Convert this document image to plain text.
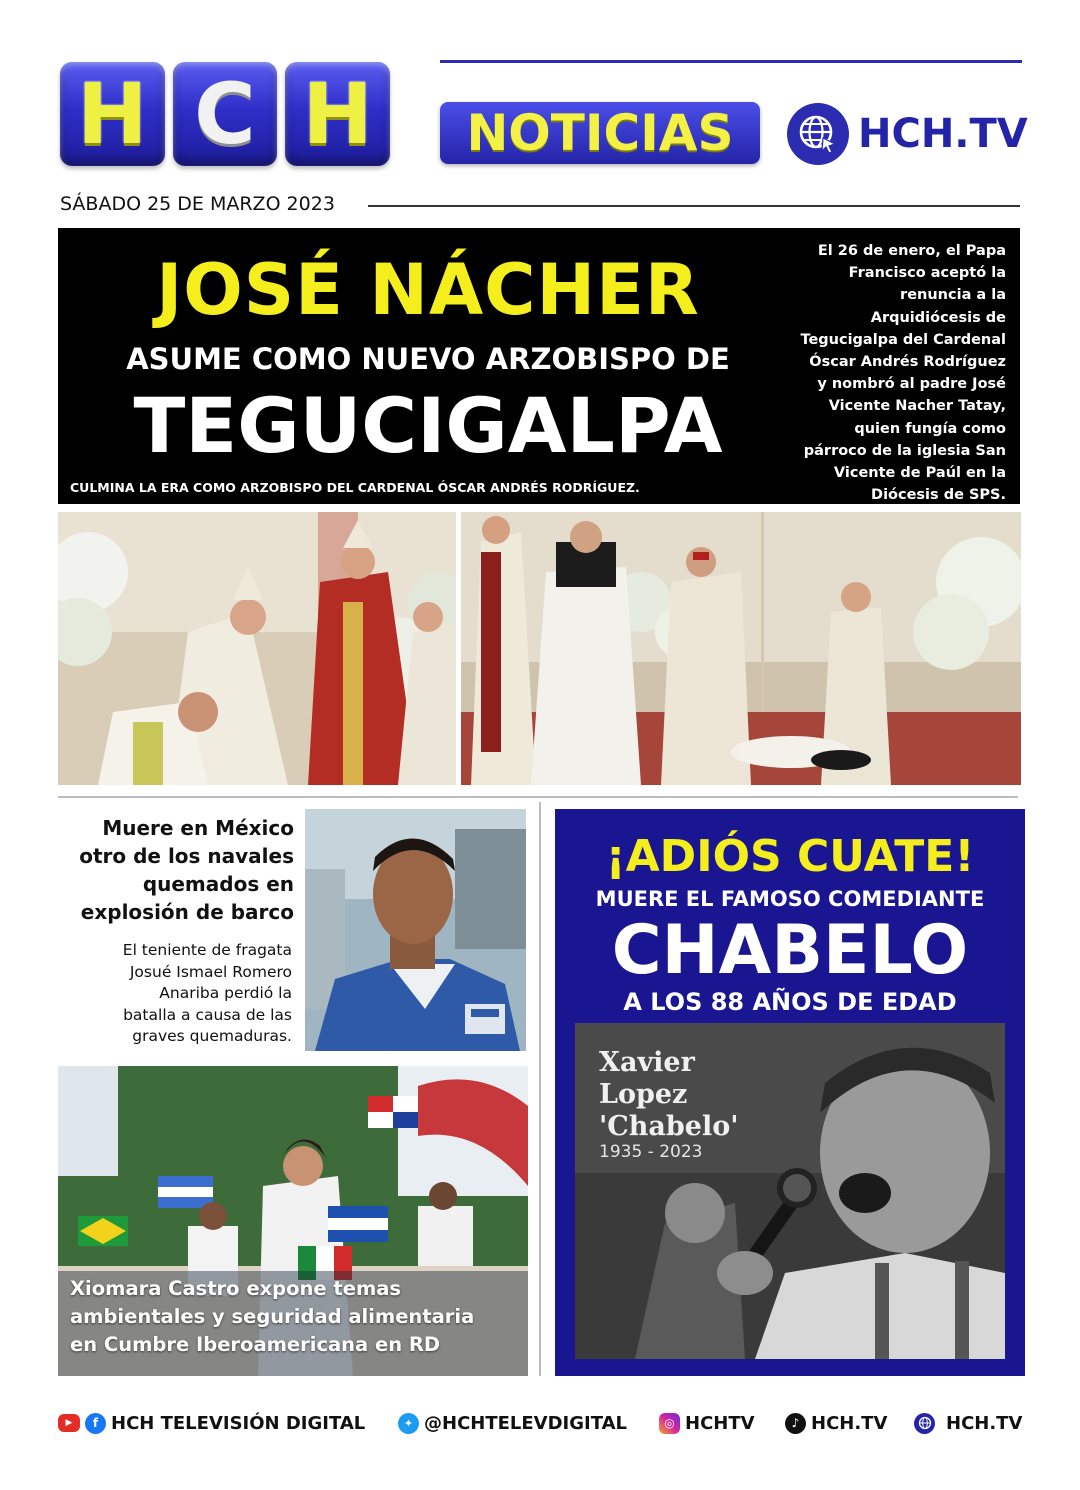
H C H	NOTICIAS	HCH.TV
SÁBADO 25 DE MARZO 2023
JOSÉ NÁCHER
ASUME COMO NUEVO ARZOBISPO DE
TEGUCIGALPA
CULMINA LA ERA COMO ARZOBISPO DEL CARDENAL ÓSCAR ANDRÉS RODRÍGUEZ.
El 26 de enero, el Papa
Francisco aceptó la
renuncia a la
Arquidiócesis de
Tegucigalpa del Cardenal
Óscar Andrés Rodríguez
y nombró al padre José
Vicente Nacher Tatay,
quien fungía como
párroco de la iglesia San
Vicente de Paúl en la
Diócesis de SPS.
Muere en México
otro de los navales
quemados en
explosión de barco
El teniente de fragata
Josué Ismael Romero
Anariba perdió la
batalla a causa de las
graves quemaduras.
Xiomara Castro expone temas
ambientales y seguridad alimentaria
en Cumbre Iberoamericana en RD
¡ADIÓS CUATE!
MUERE EL FAMOSO COMEDIANTE
CHABELO
A LOS 88 AÑOS DE EDAD
Xavier
Lopez
'Chabelo'
1935 - 2023
▶	f HCH TELEVISIÓN DIGITAL	✦ @HCHTELEVDIGITAL	◎ HCHTV	♪ HCH.TV	HCH.TV
